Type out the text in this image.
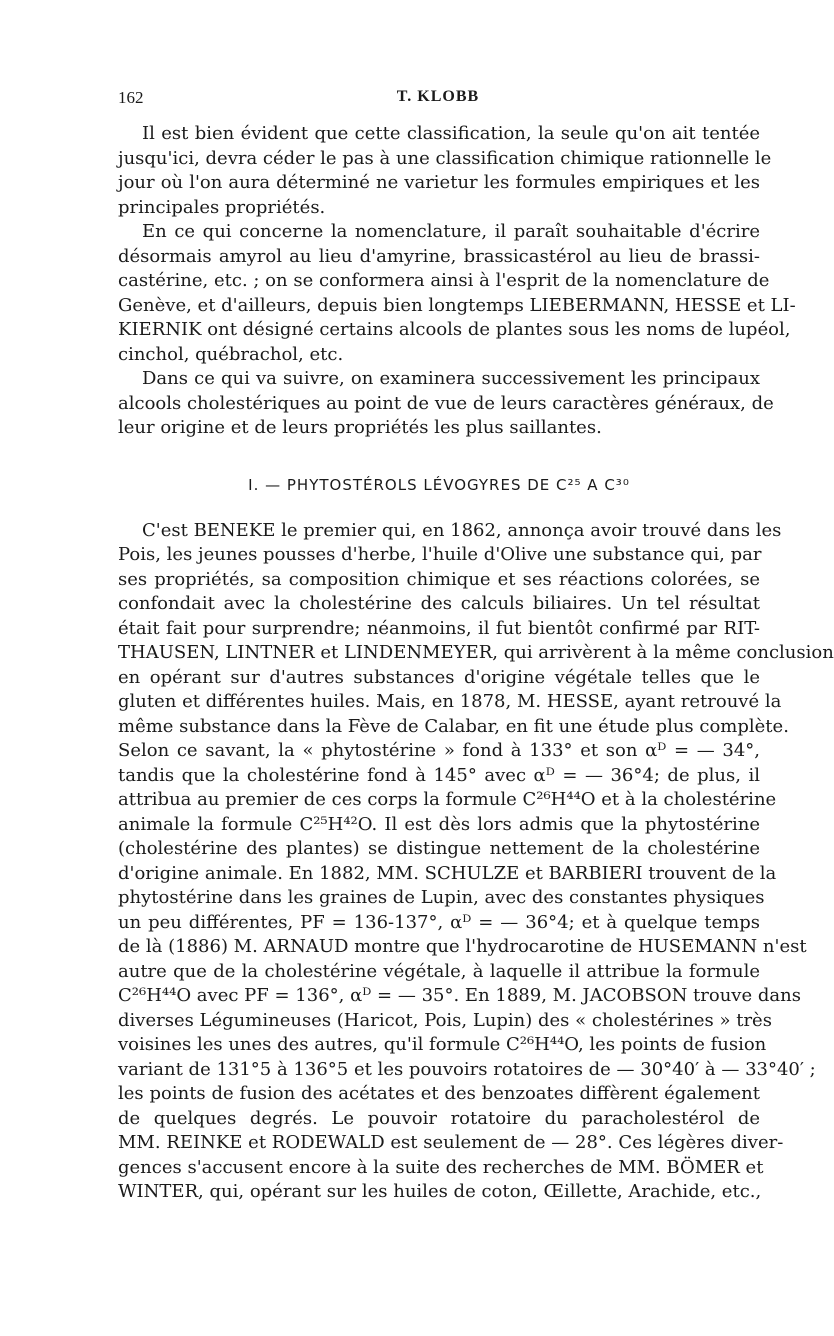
162	T. KLOBB
Il est bien évident que cette classification, la seule qu'on ait tentée
jusqu'ici, devra céder le pas à une classification chimique rationnelle le
jour où l'on aura déterminé ne varietur les formules empiriques et les
principales propriétés.
En ce qui concerne la nomenclature, il paraît souhaitable d'écrire
désormais amyrol au lieu d'amyrine, brassicastérol au lieu de brassi-
castérine, etc. ; on se conformera ainsi à l'esprit de la nomenclature de
Genève, et d'ailleurs, depuis bien longtemps LIEBERMANN, HESSE et LI-
KIERNIK ont désigné certains alcools de plantes sous les noms de lupéol,
cinchol, québrachol, etc.
Dans ce qui va suivre, on examinera successivement les principaux
alcools cholestériques au point de vue de leurs caractères généraux, de
leur origine et de leurs propriétés les plus saillantes.
I. — PHYTOSTÉROLS LÉVOGYRES DE C²⁵ A C³⁰
C'est BENEKE le premier qui, en 1862, annonça avoir trouvé dans les
Pois, les jeunes pousses d'herbe, l'huile d'Olive une substance qui, par
ses propriétés, sa composition chimique et ses réactions colorées, se
confondait avec la cholestérine des calculs biliaires. Un tel résultat
était fait pour surprendre; néanmoins, il fut bientôt confirmé par RIT-
THAUSEN, LINTNER et LINDENMEYER, qui arrivèrent à la même conclusion
en opérant sur d'autres substances d'origine végétale telles que le
gluten et différentes huiles. Mais, en 1878, M. HESSE, ayant retrouvé la
même substance dans la Fève de Calabar, en fit une étude plus complète.
Selon ce savant, la « phytostérine » fond à 133° et son αᴰ = — 34°,
tandis que la cholestérine fond à 145° avec αᴰ = — 36°4; de plus, il
attribua au premier de ces corps la formule C²⁶H⁴⁴O et à la cholestérine
animale la formule C²⁵H⁴²O. Il est dès lors admis que la phytostérine
(cholestérine des plantes) se distingue nettement de la cholestérine
d'origine animale. En 1882, MM. SCHULZE et BARBIERI trouvent de la
phytostérine dans les graines de Lupin, avec des constantes physiques
un peu différentes, PF = 136-137°, αᴰ = — 36°4; et à quelque temps
de là (1886) M. ARNAUD montre que l'hydrocarotine de HUSEMANN n'est
autre que de la cholestérine végétale, à laquelle il attribue la formule
C²⁶H⁴⁴O avec PF = 136°, αᴰ = — 35°. En 1889, M. JACOBSON trouve dans
diverses Légumineuses (Haricot, Pois, Lupin) des « cholestérines » très
voisines les unes des autres, qu'il formule C²⁶H⁴⁴O, les points de fusion
variant de 131°5 à 136°5 et les pouvoirs rotatoires de — 30°40′ à — 33°40′ ;
les points de fusion des acétates et des benzoates diffèrent également
de quelques degrés. Le pouvoir rotatoire du paracholestérol de
MM. REINKE et RODEWALD est seulement de — 28°. Ces légères diver-
gences s'accusent encore à la suite des recherches de MM. BÖMER et
WINTER, qui, opérant sur les huiles de coton, Œillette, Arachide, etc.,
